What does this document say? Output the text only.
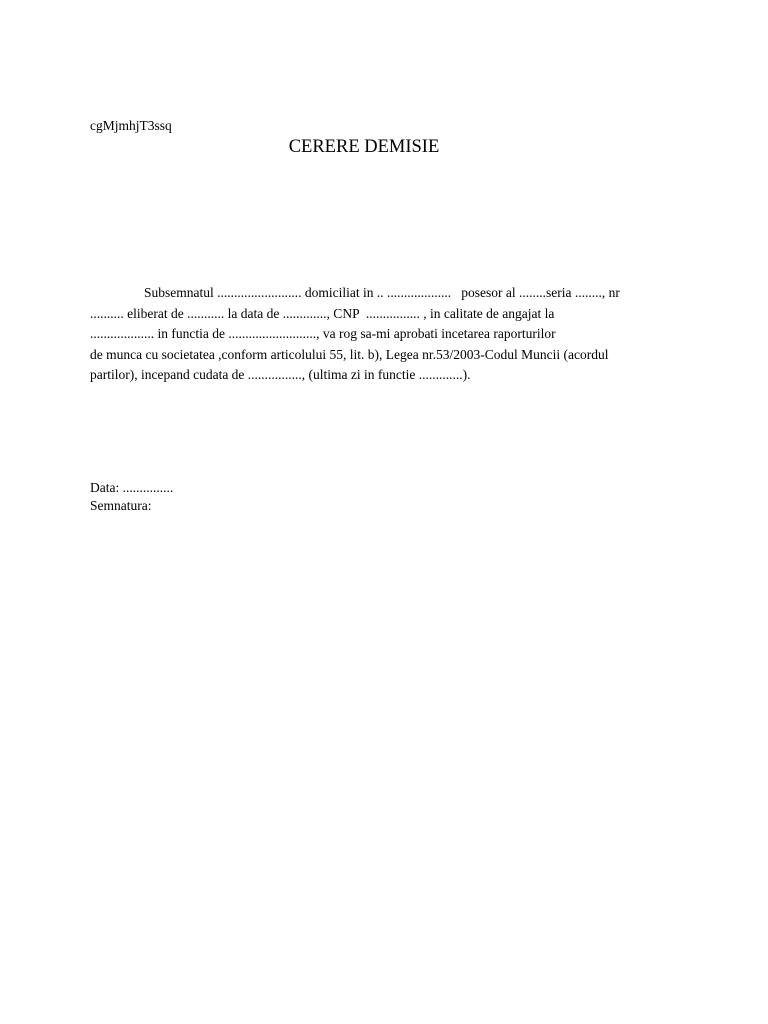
cgMjmhjT3ssq
CERERE DEMISIE
Subsemnatul ......................... domiciliat in .. ...................   posesor al ........seria ........, nr
.......... eliberat de ........... la data de ............., CNP  ................ , in calitate de angajat la
................... in functia de .........................., va rog sa-mi aprobati incetarea raporturilor
de munca cu societatea ,conform articolului 55, lit. b), Legea nr.53/2003-Codul Muncii (acordul
partilor), incepand cudata de ................, (ultima zi in functie .............).
Data: ...............
Semnatura:
